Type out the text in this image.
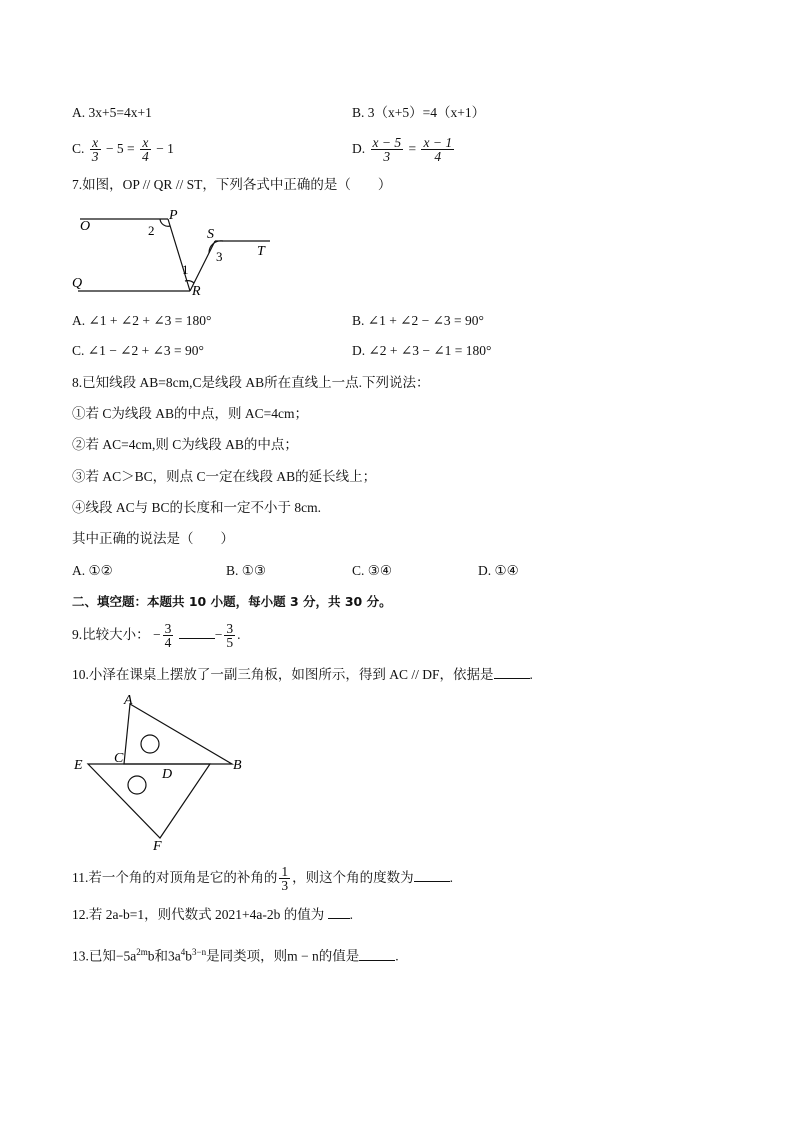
A. 3x+5=4x+1	B. 3（x+5）=4（x+1）
C. $\frac{x}{3} - 5 = \frac{x}{4} - 1$	D. $\frac{x - 5}{3} = \frac{x - 1}{4}$
7.如图，OP // QR // ST，下列各式中正确的是（　　）
O
P
2	S
T
3
1
Q
R
A. ∠1 + ∠2 + ∠3 = 180°	B. ∠1 + ∠2 − ∠3 = 90°
C. ∠1 − ∠2 + ∠3 = 90°	D. ∠2 + ∠3 − ∠1 = 180°
8.已知线段 AB=8cm,C是线段 AB所在直线上一点.下列说法：
①若 C为线段 AB的中点，则 AC=4cm；
②若 AC=4cm,则 C为线段 AB的中点；
③若 AC＞BC，则点 C一定在线段 AB的延长线上；
④线段 AC与 BC的长度和一定不小于 8cm.
其中正确的说法是（　　）
A. ①②	B. ①③	C. ③④	D. ①④
二、填空题：本题共 10 小题，每小题 3 分，共 30 分。
9.比较大小： − $\frac{3}{4}$	− $\frac{3}{5}$ .
10.小泽在课桌上摆放了一副三角板，如图所示，得到 AC // DF，依据是	.
A
B
C
D
E
F
11.若一个角的对顶角是它的补角的 $\frac{1}{3}$ ，则这个角的度数为	.
12.若 2a-b=1，则代数式 2021+4a-2b 的值为 .
13.已知$-5a^{2m}b$和$3a^4b^{3-n}$是同类项，则m − n的值是	.
